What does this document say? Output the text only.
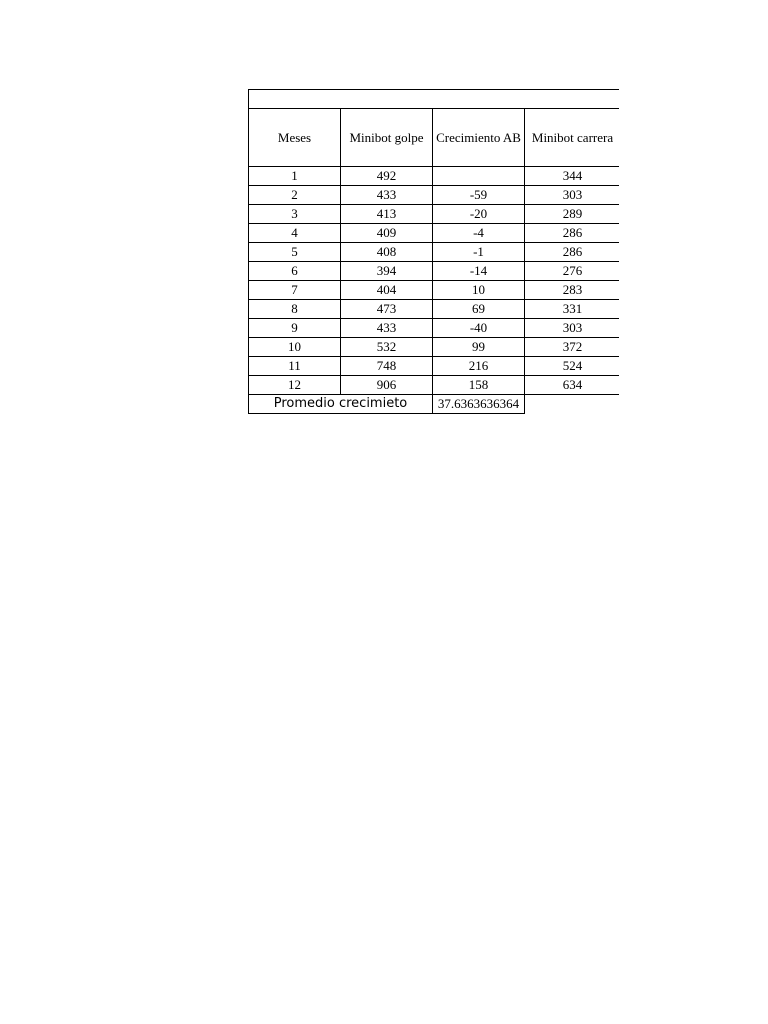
Meses	Minibot golpe	Crecimiento AB	Minibot carrera
1	492		344
2	433	-59	303
3	413	-20	289
4	409	-4	286
5	408	-1	286
6	394	-14	276
7	404	10	283
8	473	69	331
9	433	-40	303
10	532	99	372
11	748	216	524
12	906	158	634
Promedio crecimieto		37.6363636364	
